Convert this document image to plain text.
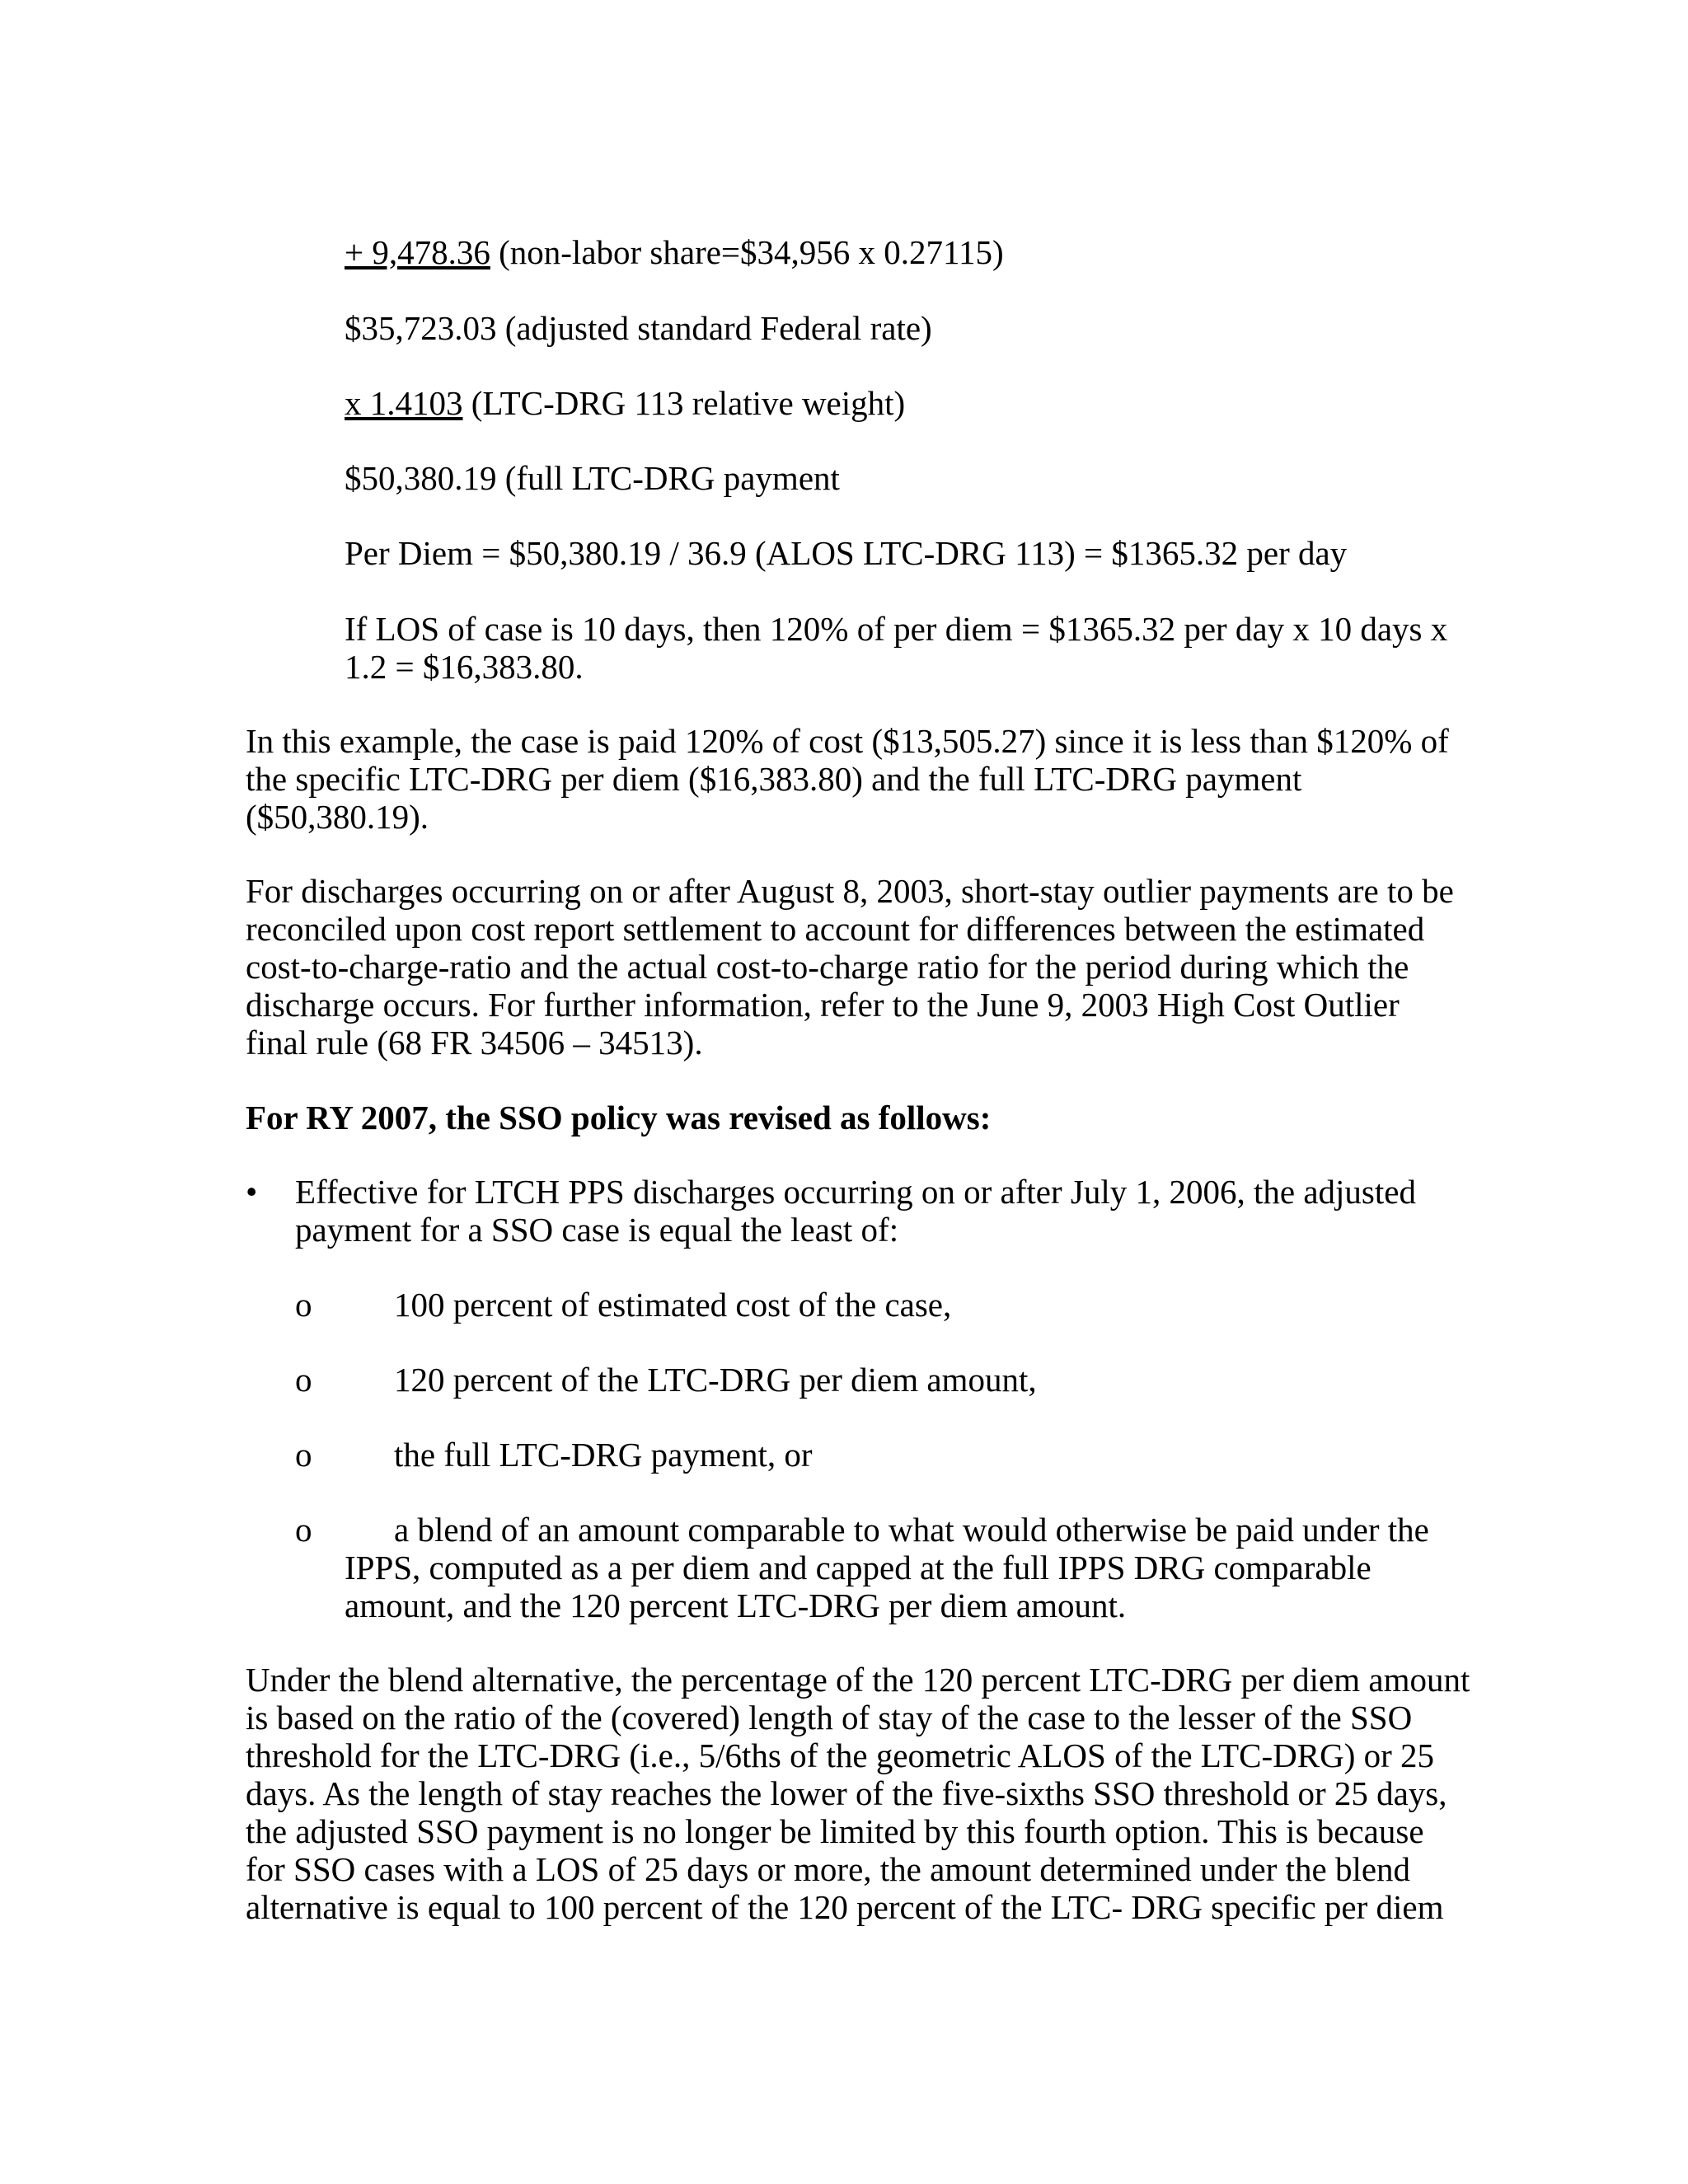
+ 9,478.36 (non-labor share=$34,956 x 0.27115)
$35,723.03 (adjusted standard Federal rate)
x 1.4103 (LTC-DRG 113 relative weight)
$50,380.19 (full LTC-DRG payment
Per Diem = $50,380.19 / 36.9 (ALOS LTC-DRG 113) = $1365.32 per day
If LOS of case is 10 days, then 120% of per diem = $1365.32 per day x 10 days x
1.2 = $16,383.80.
In this example, the case is paid 120% of cost ($13,505.27) since it is less than $120% of
the specific LTC-DRG per diem ($16,383.80) and the full LTC-DRG payment
($50,380.19).
For discharges occurring on or after August 8, 2003, short-stay outlier payments are to be
reconciled upon cost report settlement to account for differences between the estimated
cost-to-charge-ratio and the actual cost-to-charge ratio for the period during which the
discharge occurs. For further information, refer to the June 9, 2003 High Cost Outlier
final rule (68 FR 34506 – 34513).
For RY 2007, the SSO policy was revised as follows:
• Effective for LTCH PPS discharges occurring on or after July 1, 2006, the adjusted
payment for a SSO case is equal the least of:
o 100 percent of estimated cost of the case,
o 120 percent of the LTC-DRG per diem amount,
o the full LTC-DRG payment, or
o a blend of an amount comparable to what would otherwise be paid under the
IPPS, computed as a per diem and capped at the full IPPS DRG comparable
amount, and the 120 percent LTC-DRG per diem amount.
Under the blend alternative, the percentage of the 120 percent LTC-DRG per diem amount
is based on the ratio of the (covered) length of stay of the case to the lesser of the SSO
threshold for the LTC-DRG (i.e., 5/6ths of the geometric ALOS of the LTC-DRG) or 25
days. As the length of stay reaches the lower of the five-sixths SSO threshold or 25 days,
the adjusted SSO payment is no longer be limited by this fourth option. This is because
for SSO cases with a LOS of 25 days or more, the amount determined under the blend
alternative is equal to 100 percent of the 120 percent of the LTC- DRG specific per diem
